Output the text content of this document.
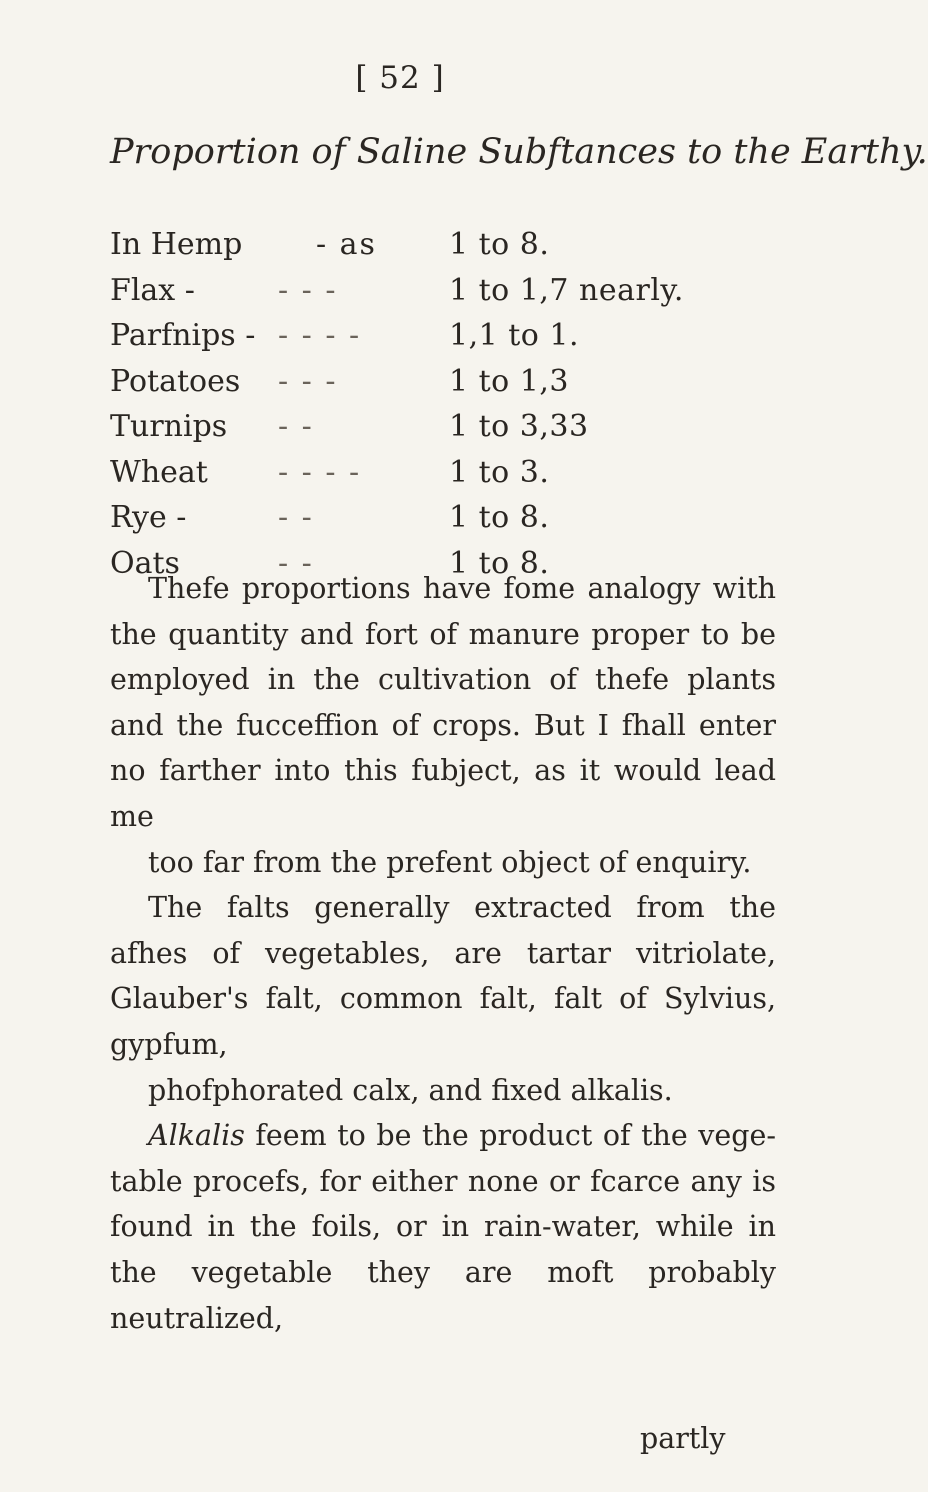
[ 52 ]
Proportion of Saline Subftances to the Earthy.
In Hemp	- as	1 to 8.
Flax -	- - -	1 to 1,7 nearly.
Parfnips -	- - - -	1,1 to 1.
Potatoes	- - -	1 to 1,3
Turnips	- -	1 to 3,33
Wheat	- - - -	1 to 3.
Rye -	- -	1 to 8.
Oats	- -	1 to 8.

Thefe proportions have fome analogy with the quantity and fort of manure proper to be employed in the cultivation of thefe plants and the fucceffion of crops. But I fhall enter no farther into this fubject, as it would lead me
too far from the prefent object of enquiry.

The falts generally extracted from the afhes of vegetables, are tartar vitriolate, Glauber's falt, common falt, falt of Sylvius, gypfum,
phofphorated calx, and fixed alkalis.

Alkalis feem to be the product of the vege- table procefs, for either none or fcarce any is found in the foils, or in rain-water, while in the vegetable they are moft probably neutralized,

partly
